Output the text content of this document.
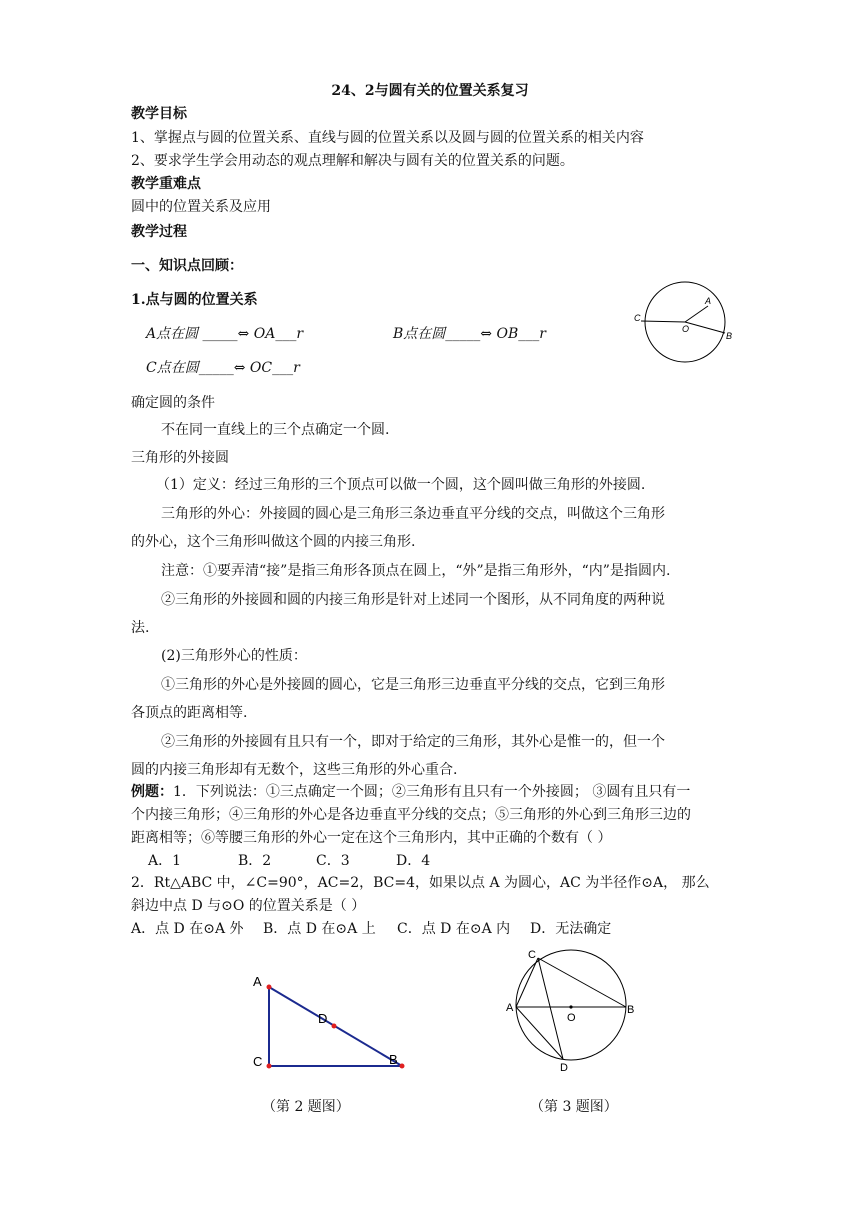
24、2与圆有关的位置关系复习
教学目标
1、掌握点与圆的位置关系、直线与圆的位置关系以及圆与圆的位置关系的相关内容
2、要求学生学会用动态的观点理解和解决与圆有关的位置关系的问题。
教学重难点
圆中的位置关系及应用
教学过程
一、知识点回顾：
1.点与圆的位置关系
A点在圆 _____⇔ OA___r	B点在圆_____⇔ OB___r
C点在圆_____⇔ OC___r
C
O
A
B
确定圆的条件
不在同一直线上的三个点确定一个圆.
三角形的外接圆
（1）定义：经过三角形的三个顶点可以做一个圆，这个圆叫做三角形的外接圆.
三角形的外心：外接圆的圆心是三角形三条边垂直平分线的交点，叫做这个三角形
的外心，这个三角形叫做这个圆的内接三角形.
注意：①要弄清“接”是指三角形各顶点在圆上，“外”是指三角形外，“内”是指圆内.
②三角形的外接圆和圆的内接三角形是针对上述同一个图形，从不同角度的两种说
法.
(2)三角形外心的性质：
①三角形的外心是外接圆的圆心，它是三角形三边垂直平分线的交点，它到三角形
各顶点的距离相等.
②三角形的外接圆有且只有一个，即对于给定的三角形，其外心是惟一的，但一个
圆的内接三角形却有无数个，这些三角形的外心重合.
例题：1．下列说法：①三点确定一个圆；②三角形有且只有一个外接圆； ③圆有且只有一
个内接三角形；④三角形的外心是各边垂直平分线的交点；⑤三角形的外心到三角形三边的
距离相等；⑥等腰三角形的外心一定在这个三角形内，其中正确的个数有（ ）
A．1	B．2	C．3	D．4
2．Rt△ABC 中，∠C=90°，AC=2，BC=4，如果以点 A 为圆心，AC 为半径作⊙A， 那么
斜边中点 D 与⊙O 的位置关系是（ ）
A．点 D 在⊙A 外 B．点 D 在⊙A 上 C．点 D 在⊙A 内 D．无法确定
A
D
C	B
C
A
O
B
D
（第 2 题图）	（第 3 题图）
